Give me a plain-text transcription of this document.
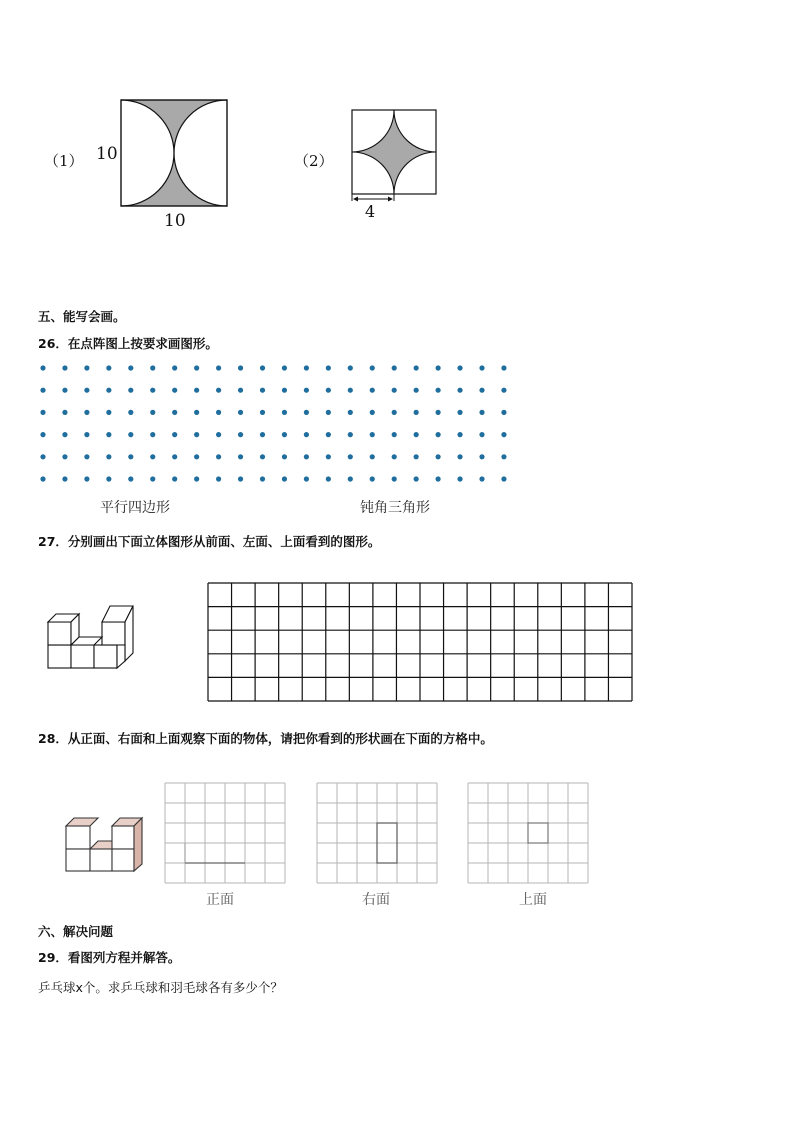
（1） 10
10
（2）
4
五、能写会画。
26．在点阵图上按要求画图形。
平行四边形	钝角三角形
27．分别画出下面立体图形从前面、左面、上面看到的图形。
28．从正面、右面和上面观察下面的物体，请把你看到的形状画在下面的方格中。
正面	右面	上面
六、解决问题
29．看图列方程并解答。
乒乓球x个。求乒乓球和羽毛球各有多少个？
